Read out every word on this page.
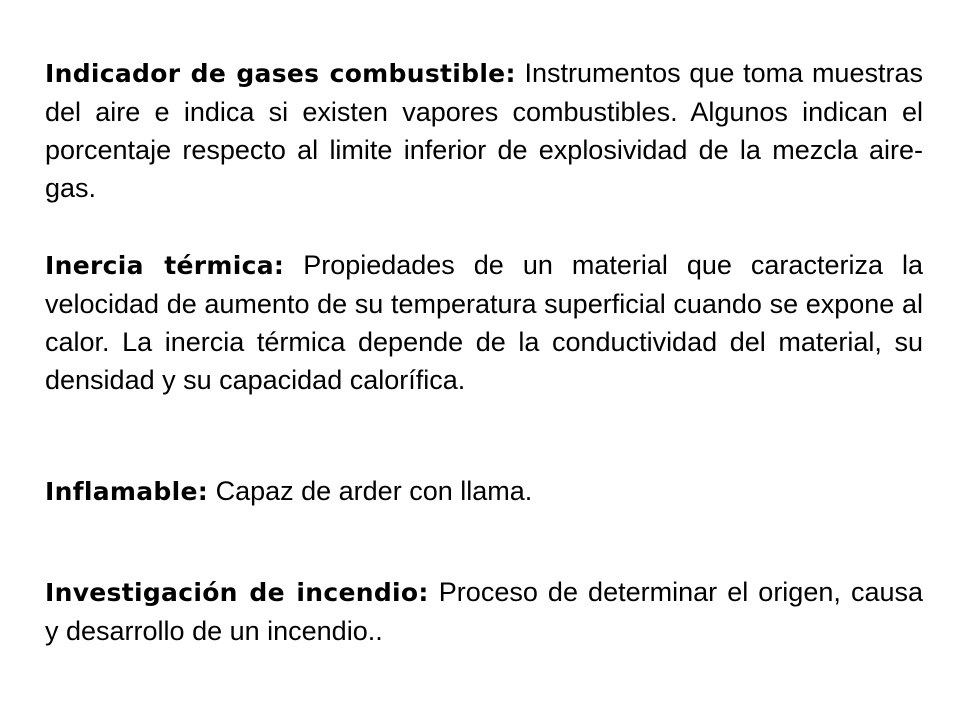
Indicador de gases combustible: Instrumentos que toma muestras del aire e indica si existen vapores combustibles. Algunos indican el porcentaje respecto al limite inferior de explosividad de la mezcla aire-gas.

Inercia térmica: Propiedades de un material que caracteriza la velocidad de aumento de su temperatura superficial cuando se expone al calor. La inercia térmica depende de la conductividad del material, su densidad y su capacidad calorífica.

Inflamable: Capaz de arder con llama.

Investigación de incendio: Proceso de determinar el origen, causa y desarrollo de un incendio..
